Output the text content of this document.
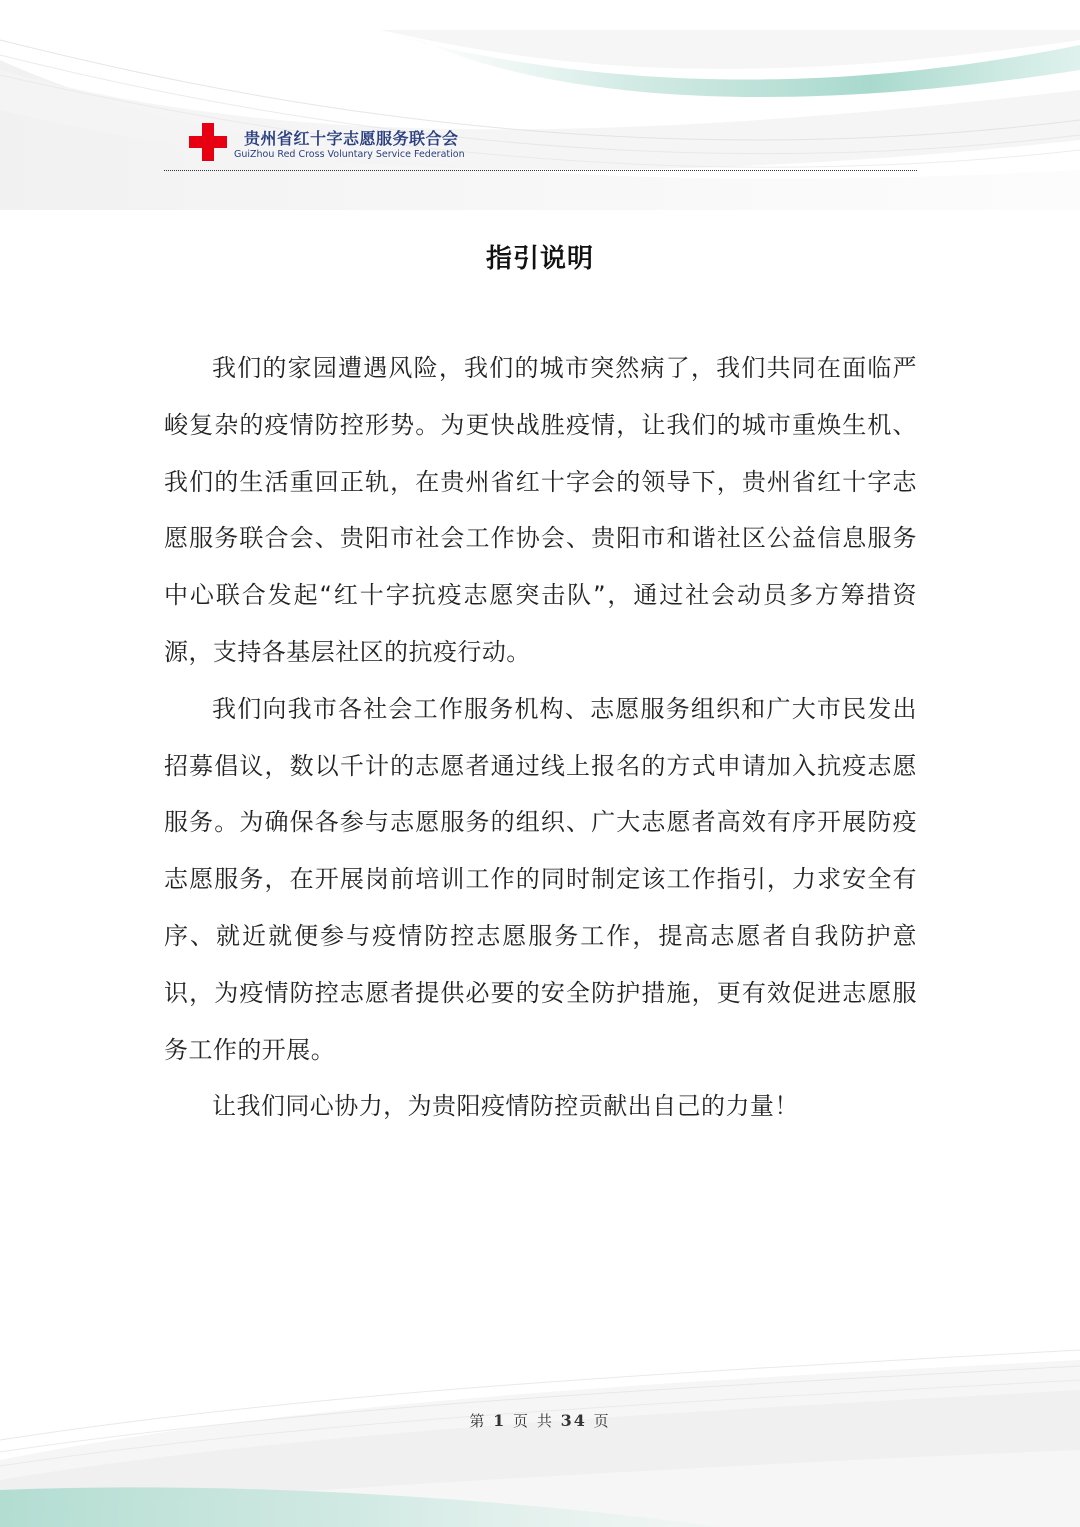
贵州省红十字志愿服务联合会
GuiZhou Red Cross Voluntary Service Federation
指引说明

我们的家园遭遇风险，我们的城市突然病了，我们共同在面临严峻复杂的疫情防控形势。为更快战胜疫情，让我们的城市重焕生机、我们的生活重回正轨，在贵州省红十字会的领导下，贵州省红十字志愿服务联合会、贵阳市社会工作协会、贵阳市和谐社区公益信息服务中心联合发起“红十字抗疫志愿突击队”，通过社会动员多方筹措资源，支持各基层社区的抗疫行动。

我们向我市各社会工作服务机构、志愿服务组织和广大市民发出招募倡议，数以千计的志愿者通过线上报名的方式申请加入抗疫志愿服务。为确保各参与志愿服务的组织、广大志愿者高效有序开展防疫志愿服务，在开展岗前培训工作的同时制定该工作指引，力求安全有序、就近就便参与疫情防控志愿服务工作，提高志愿者自我防护意识，为疫情防控志愿者提供必要的安全防护措施，更有效促进志愿服务工作的开展。

让我们同心协力，为贵阳疫情防控贡献出自己的力量！

第 1 页 共 34 页
